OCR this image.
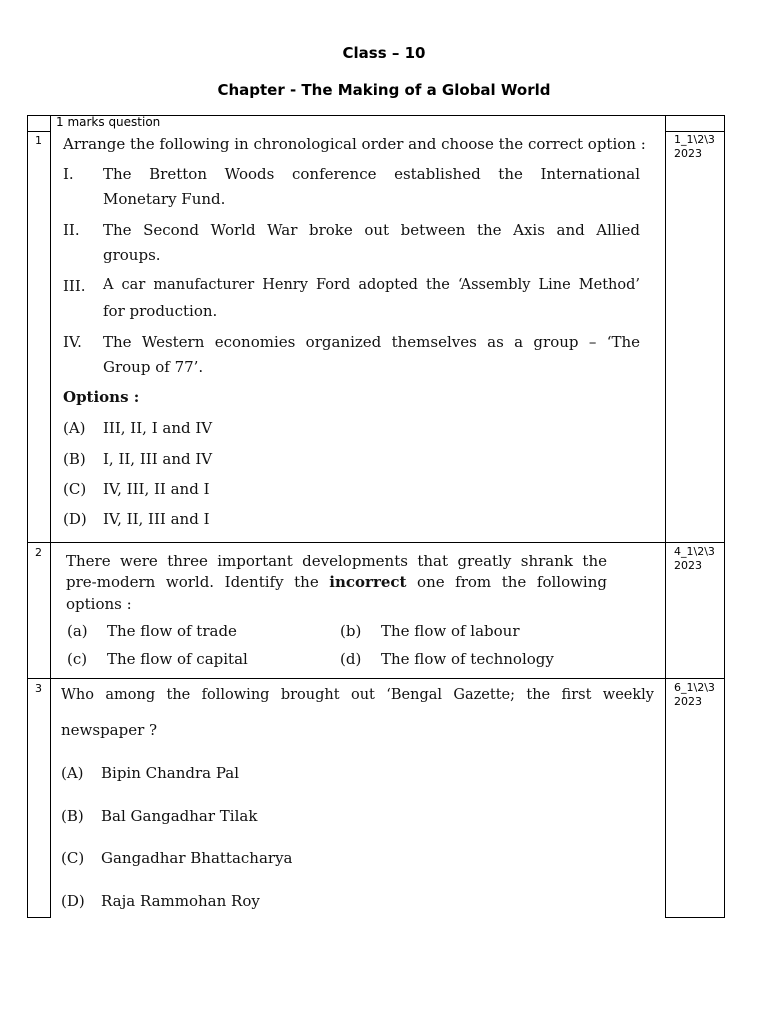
Class – 10
Chapter - The Making of a Global World
1 marks question
1	1_1\2\3
2023
Arrange the following in chronological order and choose the correct option :
I. The Bretton Woods conference established the International
Monetary Fund.
II. The Second World War broke out between the Axis and Allied
groups.
III. A car manufacturer Henry Ford adopted the ‘Assembly Line Method’
for production.
IV. The Western economies organized themselves as a group – ‘The
Group of 77’.
Options :
(A) III, II, I and IV
(B) I, II, III and IV
(C) IV, III, II and I
(D) IV, II, III and I
2	4_1\2\3
2023
There were three important developments that greatly shrank the
pre-modern world. Identify the incorrect one from the following
options :
(a) The flow of trade	(b) The flow of labour
(c) The flow of capital	(d) The flow of technology
3	6_1\2\3
2023
Who among the following brought out ‘Bengal Gazette; the first weekly
newspaper ?
(A) Bipin Chandra Pal
(B) Bal Gangadhar Tilak
(C) Gangadhar Bhattacharya
(D) Raja Rammohan Roy
